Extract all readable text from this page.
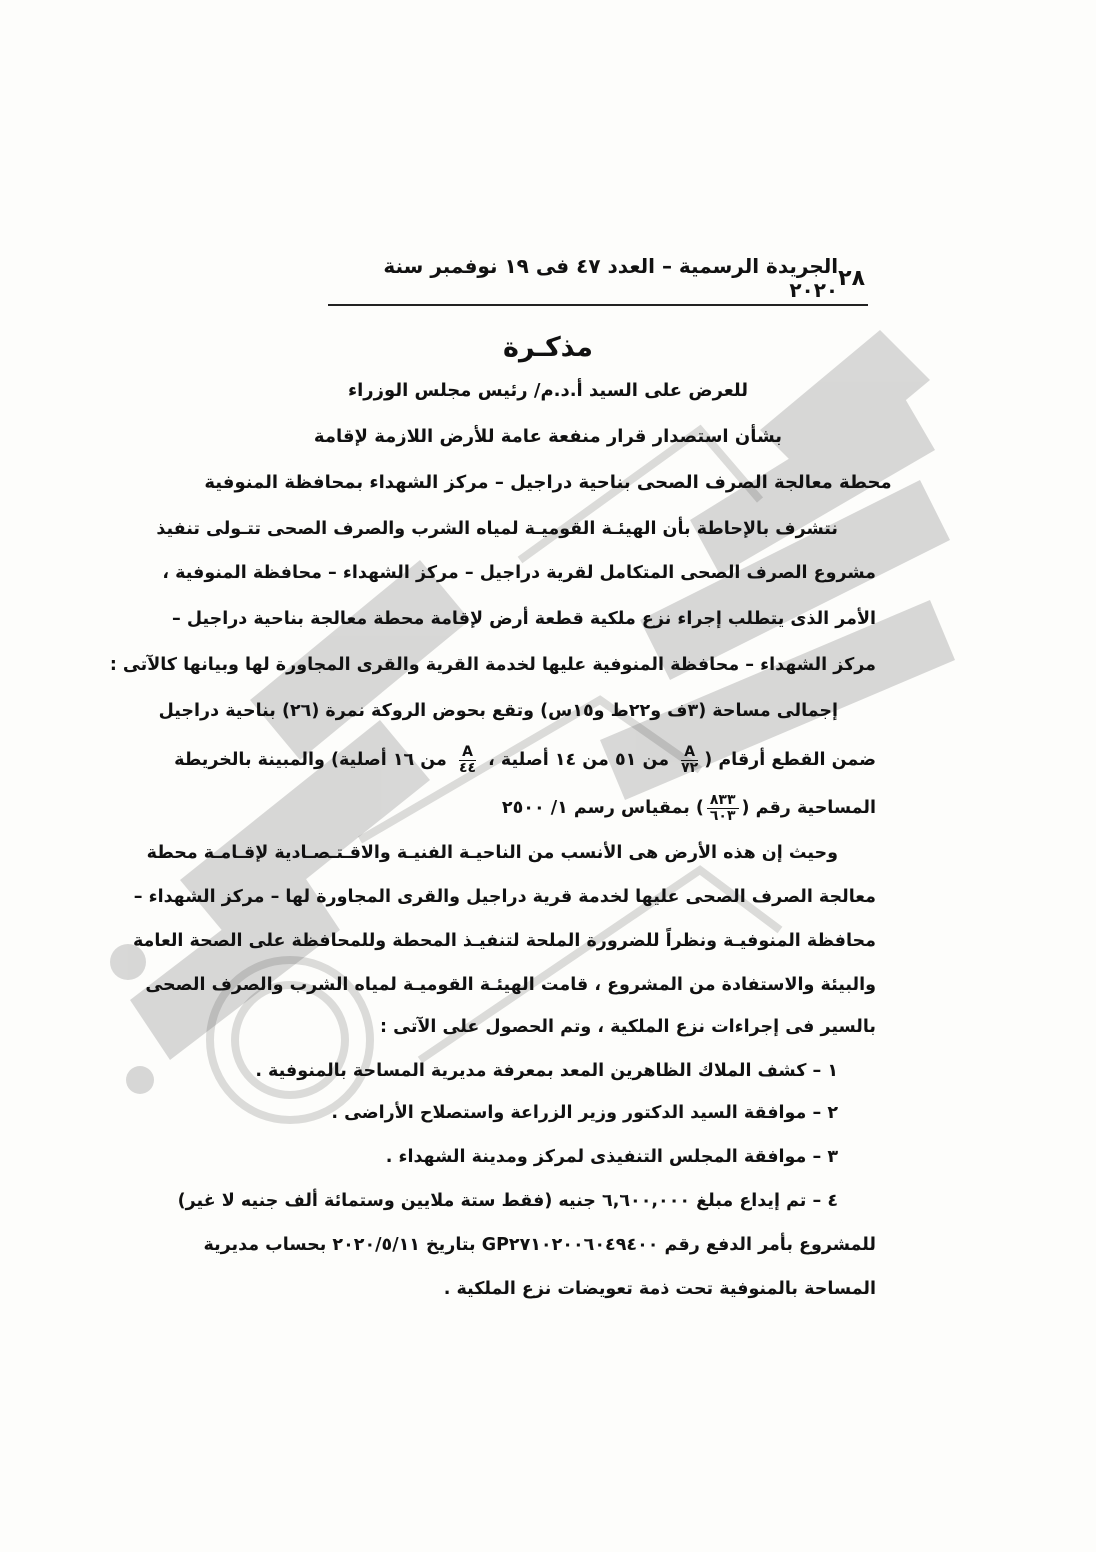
٢٨
الجريدة الرسمية – العدد ٤٧ فى ١٩ نوفمبر سنة ٢٠٢٠
مذكـرة
للعرض على السيد أ.د.م/ رئيس مجلس الوزراء
بشأن استصدار قرار منفعة عامة للأرض اللازمة لإقامة
محطة معالجة الصرف الصحى بناحية دراجيل – مركز الشهداء بمحافظة المنوفية
نتشرف بالإحاطة بأن الهيئـة القوميـة لمياه الشرب والصرف الصحى تتـولى تنفيذ
مشروع الصرف الصحى المتكامل لقرية دراجيل – مركز الشهداء – محافظة المنوفية ،
الأمر الذى يتطلب إجراء نزع ملكية قطعة أرض لإقامة محطة معالجة بناحية دراجيل –
مركز الشهداء – محافظة المنوفية عليها لخدمة القرية والقرى المجاورة لها وبيانها كالآتى :
إجمالى مساحة (٣ف و٢٢ط و١٥س) وتقع بحوض الروكة نمرة (٢٦) بناحية دراجيل
ضمن القطع أرقام (
$\frac{A}{٧٢}$
من ٥١ من ١٤ أصلية ،
$\frac{A}{٤٤}$
من ١٦ أصلية) والمبينة بالخريطة
المساحية رقم (
$\frac{٨٣٣}{٦٠٣}$
) بمقياس رسم ١/ ٢٥٠٠
وحيث إن هذه الأرض هى الأنسب من الناحيـة الفنيـة والاقـتـصـادية لإقـامـة محطة
معالجة الصرف الصحى عليها لخدمة قرية دراجيل والقرى المجاورة لها – مركز الشهداء –
محافظة المنوفيـة ونظراً للضرورة الملحة لتنفيـذ المحطة وللمحافظة على الصحة العامة
والبيئة والاستفادة من المشروع ، قامت الهيئـة القوميـة لمياه الشرب والصرف الصحى
بالسير فى إجراءات نزع الملكية ، وتم الحصول على الآتى :
١ – كشف الملاك الظاهرين المعد بمعرفة مديرية المساحة بالمنوفية .
٢ – موافقة السيد الدكتور وزير الزراعة واستصلاح الأراضى .
٣ – موافقة المجلس التنفيذى لمركز ومدينة الشهداء .
٤ – تم إيداع مبلغ ٦,٦٠٠,٠٠٠ جنيه (فقط ستة ملايين وستمائة ألف جنيه لا غير)
للمشروع بأمر الدفع رقم GP٢٧١٠٢٠٠٦٠٤٩٤٠٠ بتاريخ ٢٠٢٠/٥/١١ بحساب مديرية
المساحة بالمنوفية تحت ذمة تعويضات نزع الملكية .
